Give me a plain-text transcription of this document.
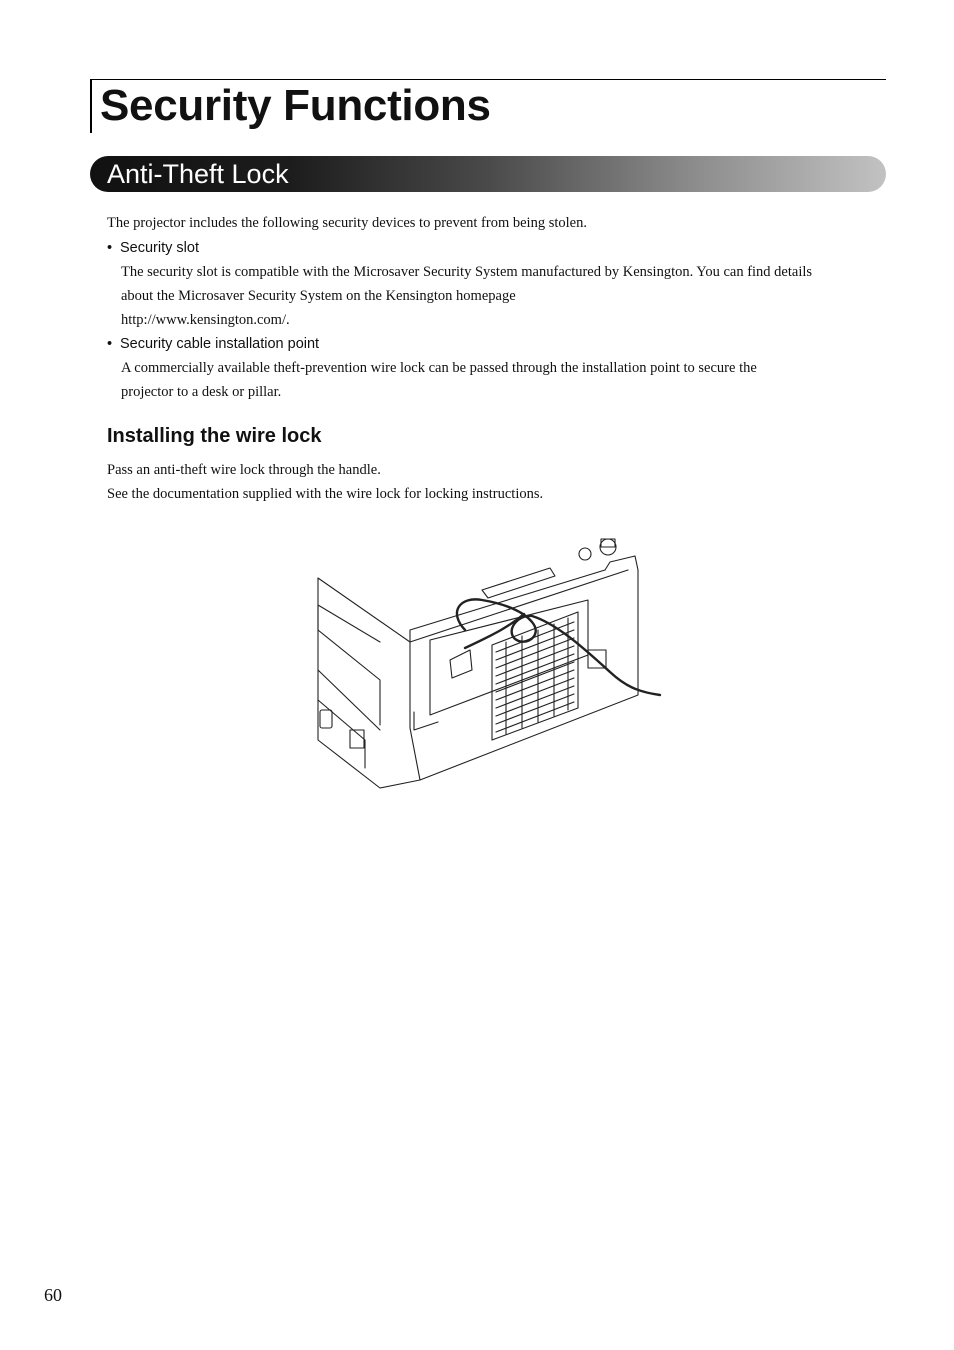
Security Functions
Anti-Theft Lock

The projector includes the following security devices to prevent from being stolen.

• Security slot

The security slot is compatible with the Microsaver Security System manufactured by Kensington. You can find details

about the Microsaver Security System on the Kensington homepage

http://www.kensington.com/.

• Security cable installation point

A commercially available theft-prevention wire lock can be passed through the installation point to secure the

projector to a desk or pillar.

Installing the wire lock

Pass an anti-theft wire lock through the handle.

See the documentation supplied with the wire lock for locking instructions.

60
